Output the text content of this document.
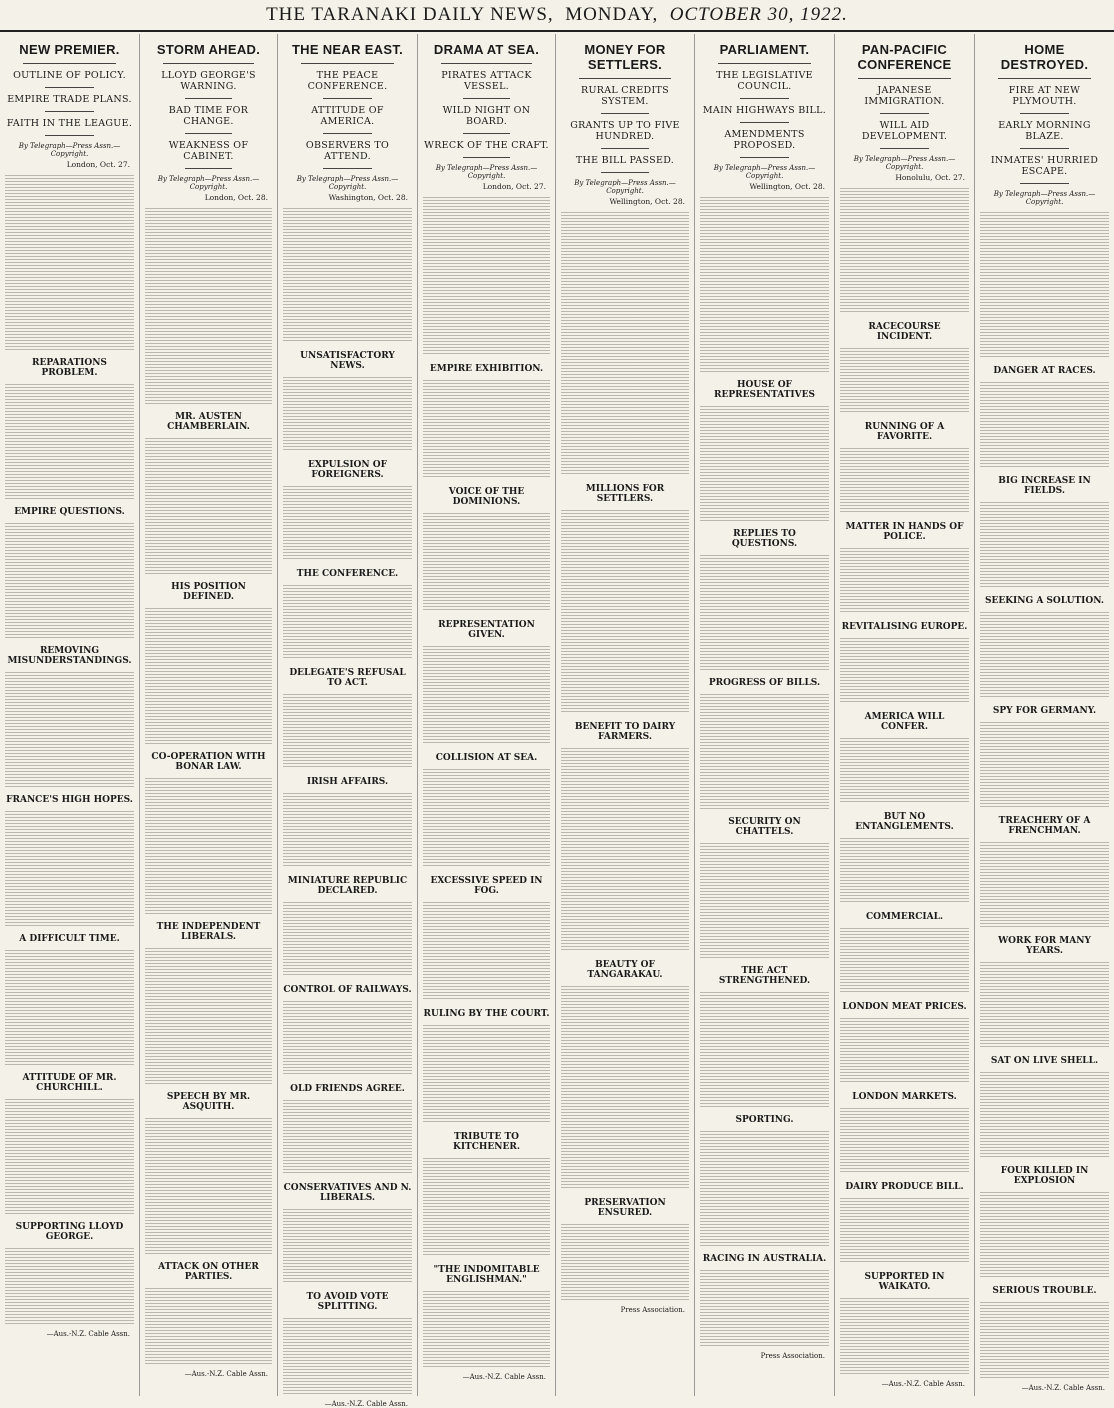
THE TARANAKI DAILY NEWS, MONDAY, OCTOBER 30, 1922.
NEW PREMIER.
OUTLINE OF POLICY.
EMPIRE TRADE PLANS.
FAITH IN THE LEAGUE.
By Telegraph—Press Assn.—Copyright.
London, Oct. 27.
REPARATIONS PROBLEM.
EMPIRE QUESTIONS.
REMOVING MISUNDERSTANDINGS.
FRANCE'S HIGH HOPES.
A DIFFICULT TIME.
ATTITUDE OF MR. CHURCHILL.
SUPPORTING LLOYD GEORGE.
—Aus.-N.Z. Cable Assn.
STORM AHEAD.
LLOYD GEORGE'S WARNING.
BAD TIME FOR CHANGE.
WEAKNESS OF CABINET.
By Telegraph—Press Assn.—Copyright.
London, Oct. 28.
MR. AUSTEN CHAMBERLAIN.
HIS POSITION DEFINED.
CO-OPERATION WITH BONAR LAW.
THE INDEPENDENT LIBERALS.
SPEECH BY MR. ASQUITH.
ATTACK ON OTHER PARTIES.
—Aus.-N.Z. Cable Assn.
THE NEAR EAST.
THE PEACE CONFERENCE.
ATTITUDE OF AMERICA.
OBSERVERS TO ATTEND.
By Telegraph—Press Assn.—Copyright.
Washington, Oct. 28.
UNSATISFACTORY NEWS.
EXPULSION OF FOREIGNERS.
THE CONFERENCE.
DELEGATE'S REFUSAL TO ACT.
IRISH AFFAIRS.
MINIATURE REPUBLIC DECLARED.
CONTROL OF RAILWAYS.
OLD FRIENDS AGREE.
CONSERVATIVES AND N. LIBERALS.
TO AVOID VOTE SPLITTING.
—Aus.-N.Z. Cable Assn.
DRAMA AT SEA.
PIRATES ATTACK VESSEL.
WILD NIGHT ON BOARD.
WRECK OF THE CRAFT.
By Telegraph—Press Assn.—Copyright.
London, Oct. 27.
EMPIRE EXHIBITION.
VOICE OF THE DOMINIONS.
REPRESENTATION GIVEN.
COLLISION AT SEA.
EXCESSIVE SPEED IN FOG.
RULING BY THE COURT.
TRIBUTE TO KITCHENER.
"THE INDOMITABLE ENGLISHMAN."
—Aus.-N.Z. Cable Assn.
MONEY FOR SETTLERS.
RURAL CREDITS SYSTEM.
GRANTS UP TO FIVE HUNDRED.
THE BILL PASSED.
By Telegraph—Press Assn.—Copyright.
Wellington, Oct. 28.
MILLIONS FOR SETTLERS.
BENEFIT TO DAIRY FARMERS.
BEAUTY OF TANGARAKAU.
PRESERVATION ENSURED.
Press Association.
PARLIAMENT.
THE LEGISLATIVE COUNCIL.
MAIN HIGHWAYS BILL.
AMENDMENTS PROPOSED.
By Telegraph—Press Assn.—Copyright.
Wellington, Oct. 28.
HOUSE OF REPRESENTATIVES
REPLIES TO QUESTIONS.
PROGRESS OF BILLS.
SECURITY ON CHATTELS.
THE ACT STRENGTHENED.
SPORTING.
RACING IN AUSTRALIA.
Press Association.
PAN-PACIFIC CONFERENCE
JAPANESE IMMIGRATION.
WILL AID DEVELOPMENT.
By Telegraph—Press Assn.—Copyright.
Honolulu, Oct. 27.
RACECOURSE INCIDENT.
RUNNING OF A FAVORITE.
MATTER IN HANDS OF POLICE.
REVITALISING EUROPE.
AMERICA WILL CONFER.
BUT NO ENTANGLEMENTS.
COMMERCIAL.
LONDON MEAT PRICES.
LONDON MARKETS.
DAIRY PRODUCE BILL.
SUPPORTED IN WAIKATO.
—Aus.-N.Z. Cable Assn.
HOME DESTROYED.
FIRE AT NEW PLYMOUTH.
EARLY MORNING BLAZE.
INMATES' HURRIED ESCAPE.
By Telegraph—Press Assn.—Copyright.
DANGER AT RACES.
BIG INCREASE IN FIELDS.
SEEKING A SOLUTION.
SPY FOR GERMANY.
TREACHERY OF A FRENCHMAN.
WORK FOR MANY YEARS.
SAT ON LIVE SHELL.
FOUR KILLED IN EXPLOSION
SERIOUS TROUBLE.
—Aus.-N.Z. Cable Assn.
